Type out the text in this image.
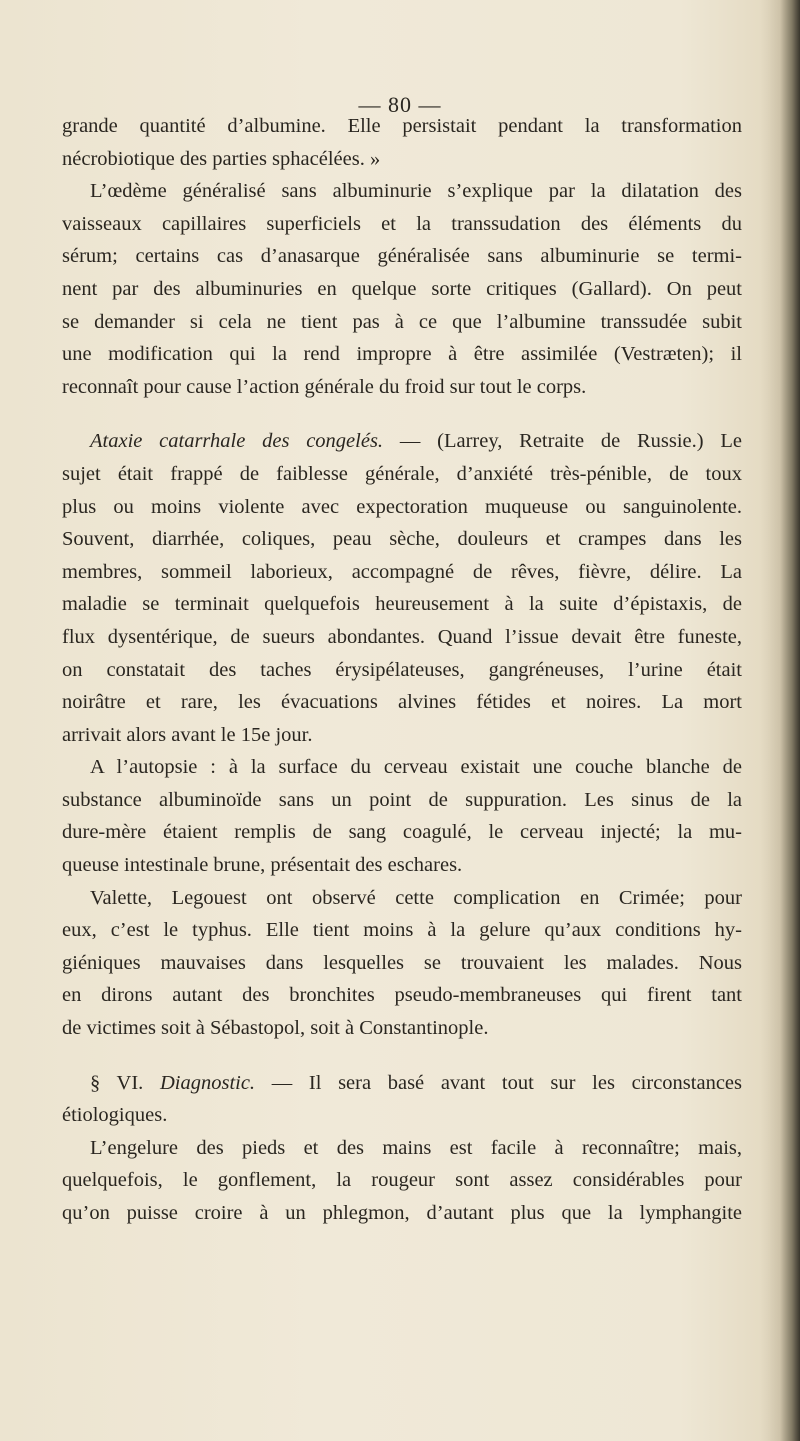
— 80 —

grande quantité d’albumine. Elle persistait pendant la transformation
nécrobiotique des parties sphacélées. »

L’œdème généralisé sans albuminurie s’explique par la dilatation des
vaisseaux capillaires superficiels et la transsudation des éléments du
sérum; certains cas d’anasarque généralisée sans albuminurie se termi-
nent par des albuminuries en quelque sorte critiques (Gallard). On peut
se demander si cela ne tient pas à ce que l’albumine transsudée subit
une modification qui la rend impropre à être assimilée (Vestræten); il
reconnaît pour cause l’action générale du froid sur tout le corps.

Ataxie catarrhale des congelés. — (Larrey, Retraite de Russie.) Le
sujet était frappé de faiblesse générale, d’anxiété très-pénible, de toux
plus ou moins violente avec expectoration muqueuse ou sanguinolente.
Souvent, diarrhée, coliques, peau sèche, douleurs et crampes dans les
membres, sommeil laborieux, accompagné de rêves, fièvre, délire. La
maladie se terminait quelquefois heureusement à la suite d’épistaxis, de
flux dysentérique, de sueurs abondantes. Quand l’issue devait être funeste,
on constatait des taches érysipélateuses, gangréneuses, l’urine était
noirâtre et rare, les évacuations alvines fétides et noires. La mort
arrivait alors avant le 15e jour.

A l’autopsie : à la surface du cerveau existait une couche blanche de
substance albuminoïde sans un point de suppuration. Les sinus de la
dure-mère étaient remplis de sang coagulé, le cerveau injecté; la mu-
queuse intestinale brune, présentait des eschares.

Valette, Legouest ont observé cette complication en Crimée; pour
eux, c’est le typhus. Elle tient moins à la gelure qu’aux conditions hy-
giéniques mauvaises dans lesquelles se trouvaient les malades. Nous
en dirons autant des bronchites pseudo-membraneuses qui firent tant
de victimes soit à Sébastopol, soit à Constantinople.

§ VI. Diagnostic. — Il sera basé avant tout sur les circonstances
étiologiques.

L’engelure des pieds et des mains est facile à reconnaître; mais,
quelquefois, le gonflement, la rougeur sont assez considérables pour
qu’on puisse croire à un phlegmon, d’autant plus que la lymphangite
